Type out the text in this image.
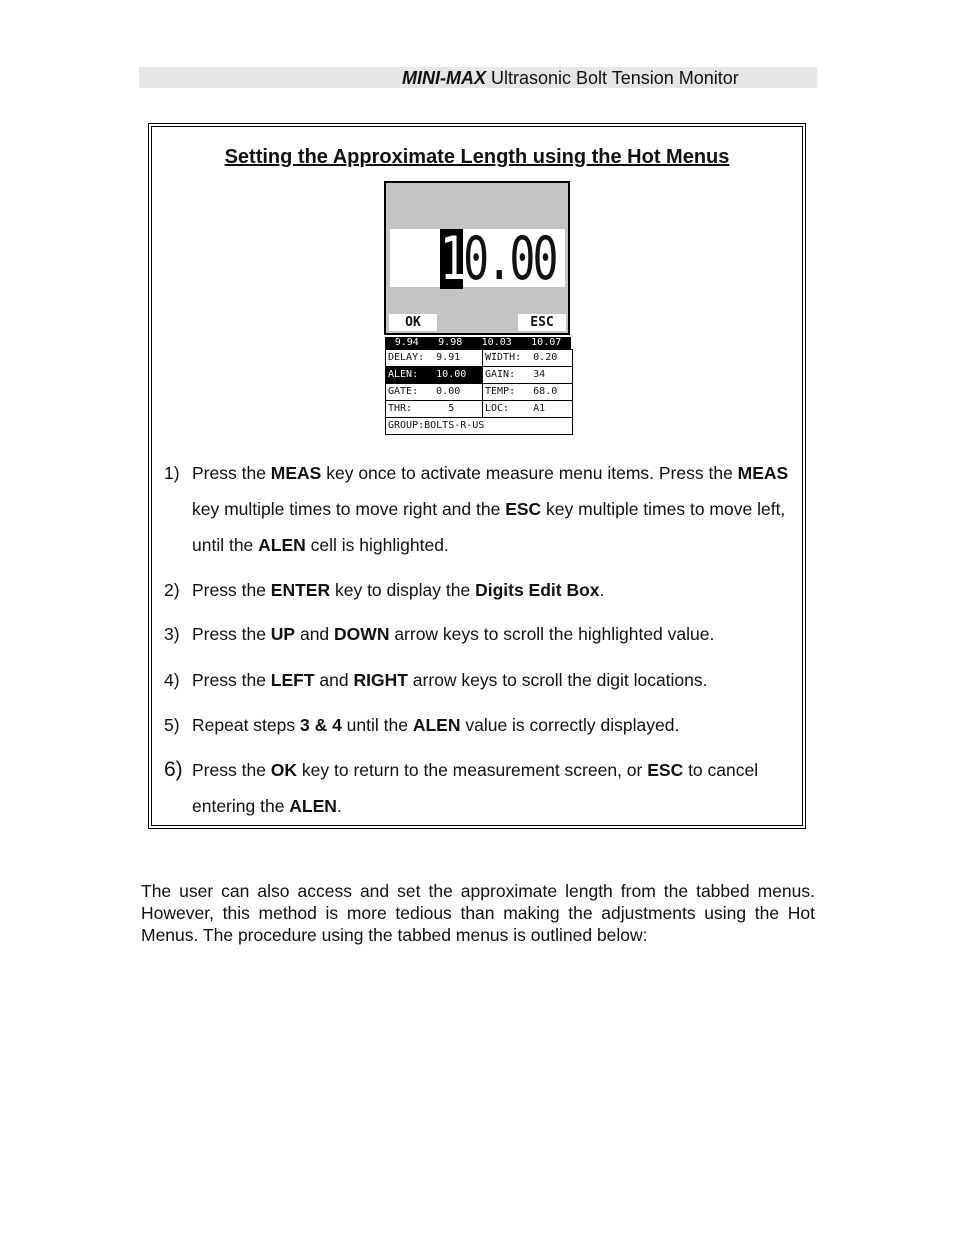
MINI-MAX Ultrasonic Bolt Tension Monitor
Setting the Approximate Length using the Hot Menus
1 0.00
OK	ESC
9.94 9.98 10.03 10.07
DELAY:  9.91	WIDTH:  0.20
ALEN:   10.00	GAIN:   34
GATE:   0.00	TEMP:   68.0
THR:      5	LOC:    A1
GROUP:BOLTS-R-US	
1) Press the MEAS key once to activate measure menu items. Press the MEAS key multiple times to move right and the ESC key multiple times to move left, until the ALEN cell is highlighted.
2) Press the ENTER key to display the Digits Edit Box.
3) Press the UP and DOWN arrow keys to scroll the highlighted value.
4) Press the LEFT and RIGHT arrow keys to scroll the digit locations.
5) Repeat steps 3 & 4 until the ALEN value is correctly displayed.
6) Press the OK key to return to the measurement screen, or ESC to cancel entering the ALEN.
The user can also access and set the approximate length from the tabbed menus. However, this method is more tedious than making the adjustments using the Hot Menus. The procedure using the tabbed menus is outlined below:
